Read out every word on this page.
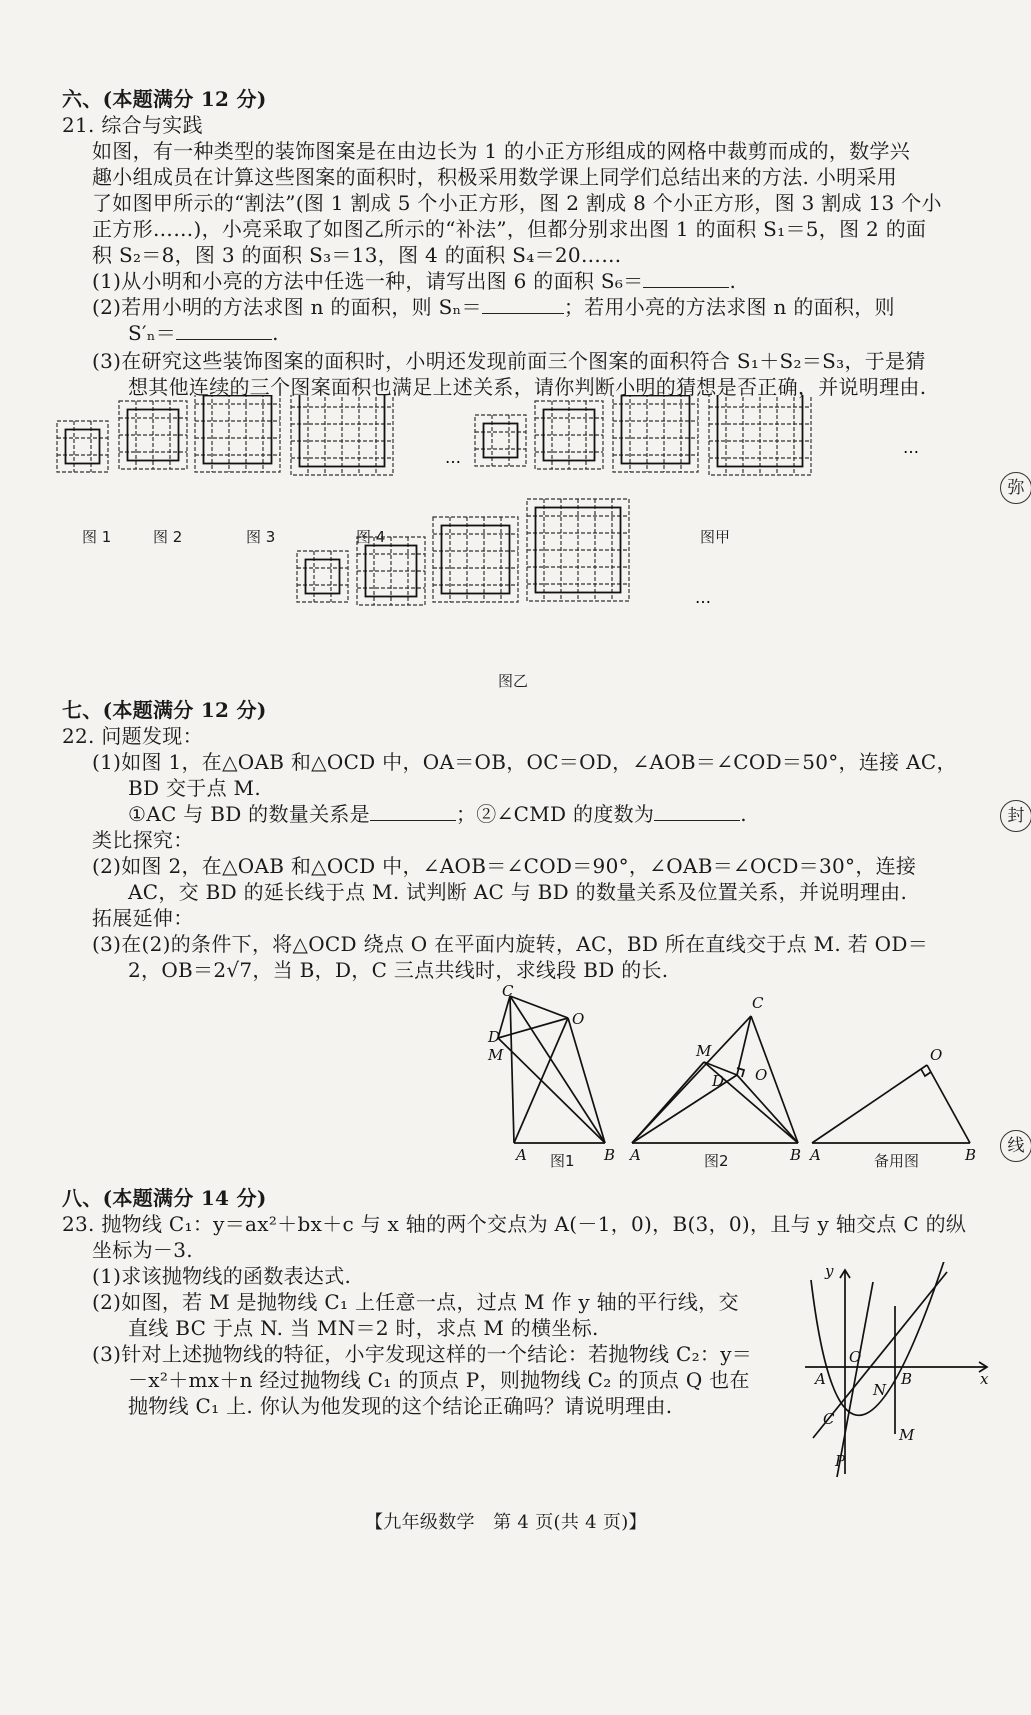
六、(本题满分 12 分)
21. 综合与实践
如图，有一种类型的装饰图案是在由边长为 1 的小正方形组成的网格中裁剪而成的，数学兴
趣小组成员在计算这些图案的面积时，积极采用数学课上同学们总结出来的方法. 小明采用
了如图甲所示的“割法”(图 1 割成 5 个小正方形，图 2 割成 8 个小正方形，图 3 割成 13 个小
正方形……)，小亮采取了如图乙所示的“补法”，但都分别求出图 1 的面积 S₁＝5，图 2 的面
积 S₂＝8，图 3 的面积 S₃＝13，图 4 的面积 S₄＝20……
(1)从小明和小亮的方法中任选一种，请写出图 6 的面积 S₆＝	.
(2)若用小明的方法求图 n 的面积，则 Sₙ＝	；若用小亮的方法求图 n 的面积，则
S′ₙ＝	.
(3)在研究这些装饰图案的面积时，小明还发现前面三个图案的面积符合 S₁＋S₂＝S₃，于是猜
想其他连续的三个图案面积也满足上述关系，请你判断小明的猜想是否正确，并说明理由.
…
…
…
图 1	图 2	图 3	图 4	图甲
图乙
七、(本题满分 12 分)
22. 问题发现：
(1)如图 1，在△OAB 和△OCD 中，OA＝OB，OC＝OD，∠AOB＝∠COD＝50°，连接 AC，
BD 交于点 M.
①AC 与 BD 的数量关系是	；②∠CMD 的度数为	.
类比探究：
(2)如图 2，在△OAB 和△OCD 中，∠AOB＝∠COD＝90°，∠OAB＝∠OCD＝30°，连接
AC，交 BD 的延长线于点 M. 试判断 AC 与 BD 的数量关系及位置关系，并说明理由.
拓展延伸：
(3)在(2)的条件下，将△OCD 绕点 O 在平面内旋转，AC，BD 所在直线交于点 M. 若 OD＝
2，OB＝2√7，当 B，D，C 三点共线时，求线段 BD 的长.
C
O
D
M
A	B
C
M
O
D
A	B
O
A	B
图1	图2	备用图
八、(本题满分 14 分)
23. 抛物线 C₁：y＝ax²＋bx＋c 与 x 轴的两个交点为 A(－1，0)，B(3，0)，且与 y 轴交点 C 的纵
坐标为－3.
(1)求该抛物线的函数表达式.
(2)如图，若 M 是抛物线 C₁ 上任意一点，过点 M 作 y 轴的平行线，交
直线 BC 于点 N. 当 MN＝2 时，求点 M 的横坐标.
(3)针对上述抛物线的特征，小宇发现这样的一个结论：若抛物线 C₂：y＝
－x²＋mx＋n 经过抛物线 C₁ 的顶点 P，则抛物线 C₂ 的顶点 Q 也在
抛物线 C₁ 上. 你认为他发现的这个结论正确吗？请说明理由.
y
x
O
A	B
C
N
M
P
【九年级数学　第 4 页(共 4 页)】
弥
封
线
